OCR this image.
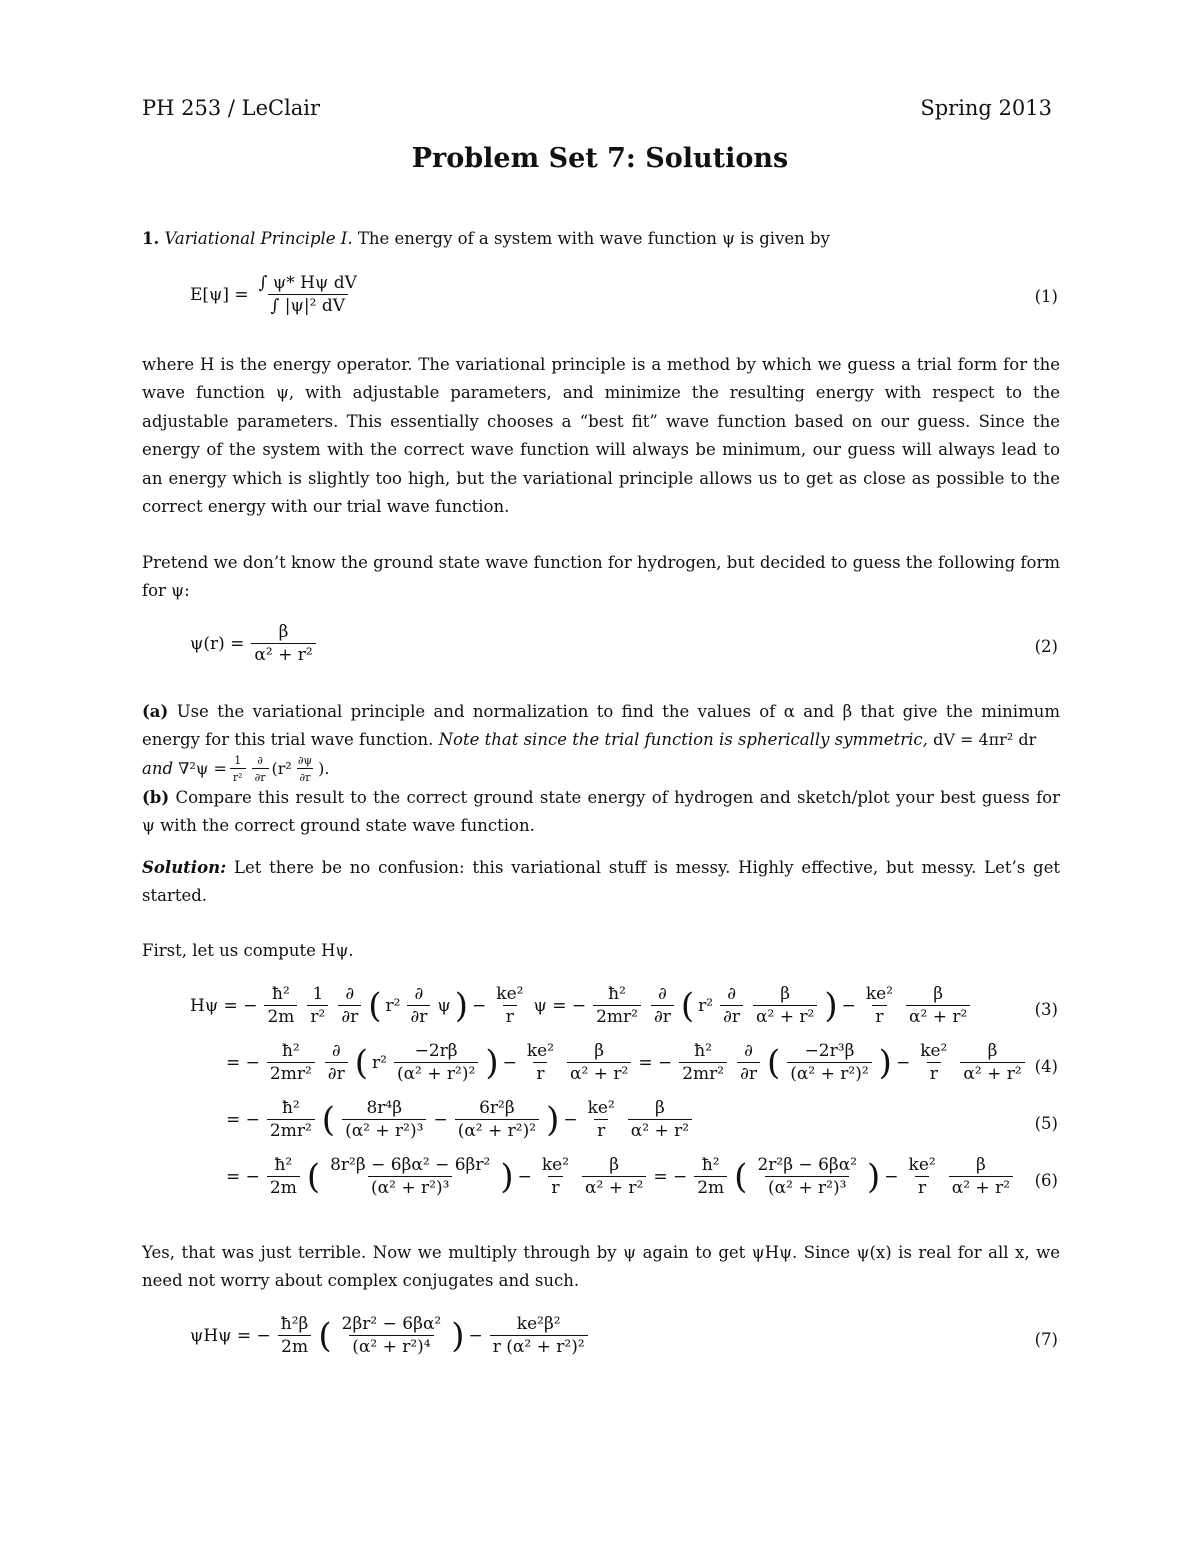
PH 253 / LeClair	Spring 2013
Problem Set 7: Solutions
1. Variational Principle I. The energy of a system with wave function ψ is given by
$E[\psi] = \frac{\text{∫ ψ* Hψ dV}}{\text{∫ |ψ|² dV}}$	(1)
where H is the energy operator. The variational principle is a method by which we guess a trial form for the wave function ψ, with adjustable parameters, and minimize the resulting energy with respect to the adjustable parameters. This essentially chooses a “best fit” wave function based on our guess. Since the energy of the system with the correct wave function will always be minimum, our guess will always lead to an energy which is slightly too high, but the variational principle allows us to get as close as possible to the correct energy with our trial wave function.
Pretend we don’t know the ground state wave function for hydrogen, but decided to guess the following form for ψ:
$\psi(r) = \frac{\beta}{\text{α² + r²}}$	(2)
(a) Use the variational principle and normalization to find the values of α and β that give the minimum energy for this trial wave function. Note that since the trial function is spherically symmetric, dV = 4πr² dr
and $\nabla^2\psi = \frac{1}{\text{r²}} \frac{\partial}{\partial r} (r^2 \frac{\partial\psi}{\partial r}$ ).
(b) Compare this result to the correct ground state energy of hydrogen and sketch/plot your best guess for ψ with the correct ground state wave function.
Solution: Let there be no confusion: this variational stuff is messy. Highly effective, but messy. Let’s get started.
First, let us compute Hψ.
Hψ = − $\frac{\text{ħ²}}{2m} \frac{1}{\text{r²}} \frac{\partial}{\partial r}$ ( $r^2 \frac{\partial}{\partial r}$ ψ ) − $\frac{\text{ke²}}{r}$ ψ = − $\frac{\text{ħ²}}{\text{2mr²}} \frac{\partial}{\partial r}$ ( $r^2 \frac{\partial}{\partial r} \frac{\beta}{\text{α² + r²}}$ ) − $\frac{\text{ke²}}{r} \frac{\beta}{\text{α² + r²}}$	(3)
= − $\frac{\text{ħ²}}{\text{2mr²}} \frac{\partial}{\partial r}$ ( $r^2 \frac{-2r\beta}{\text{(α² + r²)²}}$ ) − $\frac{\text{ke²}}{r} \frac{\beta}{\text{α² + r²}}$ = − $\frac{\text{ħ²}}{\text{2mr²}} \frac{\partial}{\partial r}$ ( $\frac{\text{−2r³β}}{\text{(α² + r²)²}}$ ) − $\frac{\text{ke²}}{r} \frac{\beta}{\text{α² + r²}} (4)$
= − $\frac{\text{ħ²}}{\text{2mr²}}$ ( $\frac{\text{8r⁴β}}{\text{(α² + r²)³}} - \frac{\text{6r²β}}{\text{(α² + r²)²}}$ ) − $\frac{\text{ke²}}{r} \frac{\beta}{\text{α² + r²}}$	(5)
= − $\frac{\text{ħ²}}{2m}$ ( $\frac{\text{8r²β − 6βα² − 6βr²}}{\text{(α² + r²)³}}$ ) − $\frac{\text{ke²}}{r} \frac{\beta}{\text{α² + r²}}$ = − $\frac{\text{ħ²}}{2m}$ ( $\frac{\text{2r²β − 6βα²}}{\text{(α² + r²)³}}$ ) − $\frac{\text{ke²}}{r} \frac{\beta}{\text{α² + r²}} (6)$
Yes, that was just terrible. Now we multiply through by ψ again to get ψHψ. Since ψ(x) is real for all x, we need not worry about complex conjugates and such.
ψHψ = − $\frac{\text{ħ²β}}{2m}$ ( $\frac{\text{2βr² − 6βα²}}{\text{(α² + r²)⁴}}$ ) − $\frac{\text{ke²β²}}{\text{r (α² + r²)²}}$	(7)
